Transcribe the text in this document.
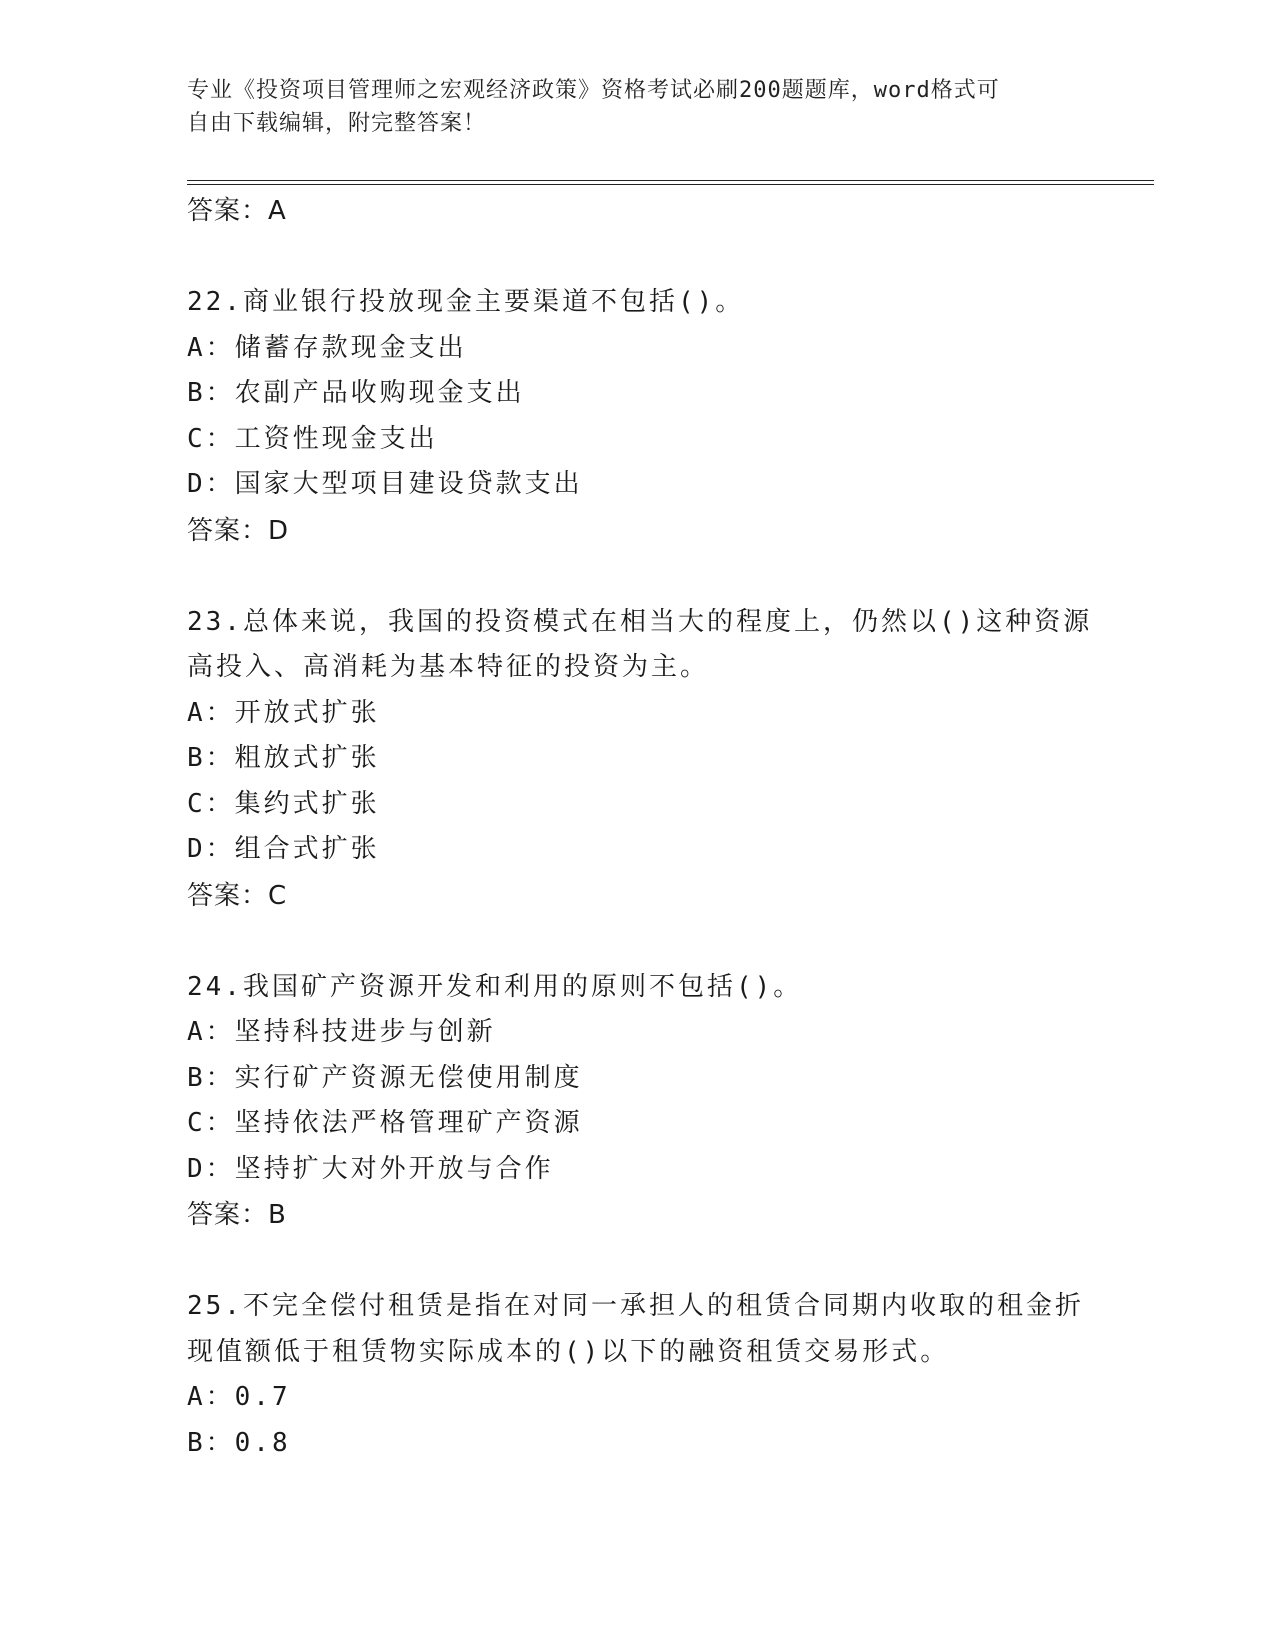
专业《投资项目管理师之宏观经济政策》资格考试必刷200题题库，word格式可
自由下载编辑，附完整答案！
答案：A
22.商业银行投放现金主要渠道不包括()。
A：储蓄存款现金支出
B：农副产品收购现金支出
C：工资性现金支出
D：国家大型项目建设贷款支出
答案：D
23.总体来说，我国的投资模式在相当大的程度上，仍然以()这种资源
高投入、高消耗为基本特征的投资为主。
A：开放式扩张
B：粗放式扩张
C：集约式扩张
D：组合式扩张
答案：C
24.我国矿产资源开发和利用的原则不包括()。
A：坚持科技进步与创新
B：实行矿产资源无偿使用制度
C：坚持依法严格管理矿产资源
D：坚持扩大对外开放与合作
答案：B
25.不完全偿付租赁是指在对同一承担人的租赁合同期内收取的租金折
现值额低于租赁物实际成本的()以下的融资租赁交易形式。
A：0.7
B：0.8
